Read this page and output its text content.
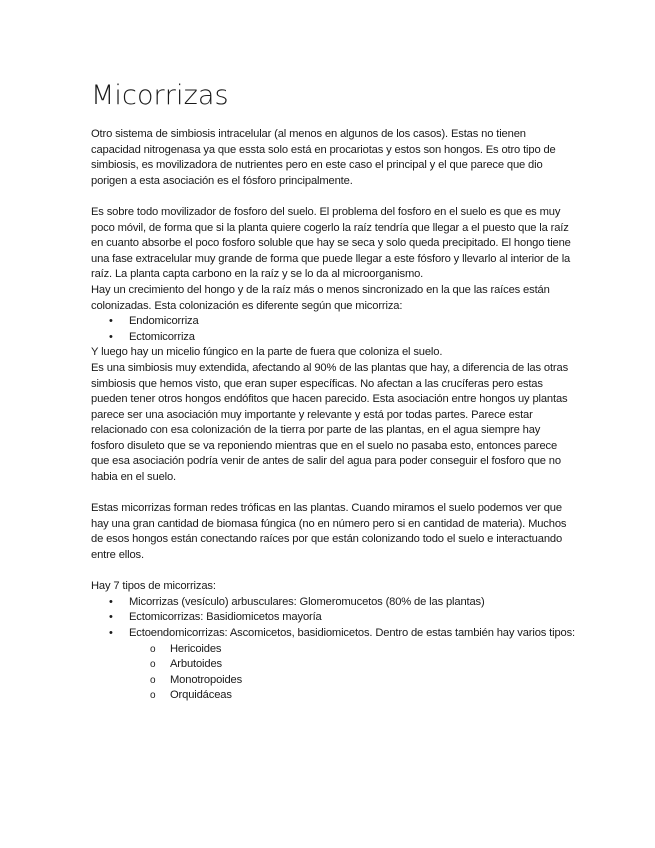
Micorrizas

Otro sistema de simbiosis intracelular (al menos en algunos de los casos). Estas no tienen capacidad nitrogenasa ya que essta solo está en procariotas y estos son hongos. Es otro tipo de simbiosis, es movilizadora de nutrientes pero en este caso el principal y el que parece que dio porigen a esta asociación es el fósforo principalmente.

Es sobre todo movilizador de fosforo del suelo. El problema del fosforo en el suelo es que es muy poco móvil, de forma que si la planta quiere cogerlo la raíz tendría que llegar a el puesto que la raíz en cuanto absorbe el poco fosforo soluble que hay se seca y solo queda precipitado. El hongo tiene una fase extracelular muy grande de forma que puede llegar a este fósforo y llevarlo al interior de la raíz. La planta capta carbono en la raíz y se lo da al microorganismo.

Hay un crecimiento del hongo y de la raíz más o menos sincronizado en la que las raíces están colonizadas. Esta colonización es diferente según que micorriza:

• Endomicorriza
• Ectomicorriza

Y luego hay un micelio fúngico en la parte de fuera que coloniza el suelo.

Es una simbiosis muy extendida, afectando al 90% de las plantas que hay, a diferencia de las otras simbiosis que hemos visto, que eran super específicas. No afectan a las crucíferas pero estas pueden tener otros hongos endófitos que hacen parecido. Esta asociación entre hongos uy plantas parece ser una asociación muy importante y relevante y está por todas partes. Parece estar relacionado con esa colonización de la tierra por parte de las plantas, en el agua siempre hay fosforo disuleto que se va reponiendo mientras que en el suelo no pasaba esto, entonces parece que esa asociación podría venir de antes de salir del agua para poder conseguir el fosforo que no habia en el suelo.

Estas micorrizas forman redes tróficas en las plantas. Cuando miramos el suelo podemos ver que hay una gran cantidad de biomasa fúngica (no en número pero si en cantidad de materia). Muchos de esos hongos están conectando raíces por que están colonizando todo el suelo e interactuando entre ellos.

Hay 7 tipos de micorrizas:

• Micorrizas (vesículo) arbusculares: Glomeromucetos (80% de las plantas)
• Ectomicorrizas: Basidiomicetos mayoría
• Ectoendomicorrizas: Ascomicetos, basidiomicetos. Dentro de estas también hay varios tipos:
o Hericoides
o Arbutoides
o Monotropoides
o Orquidáceas
